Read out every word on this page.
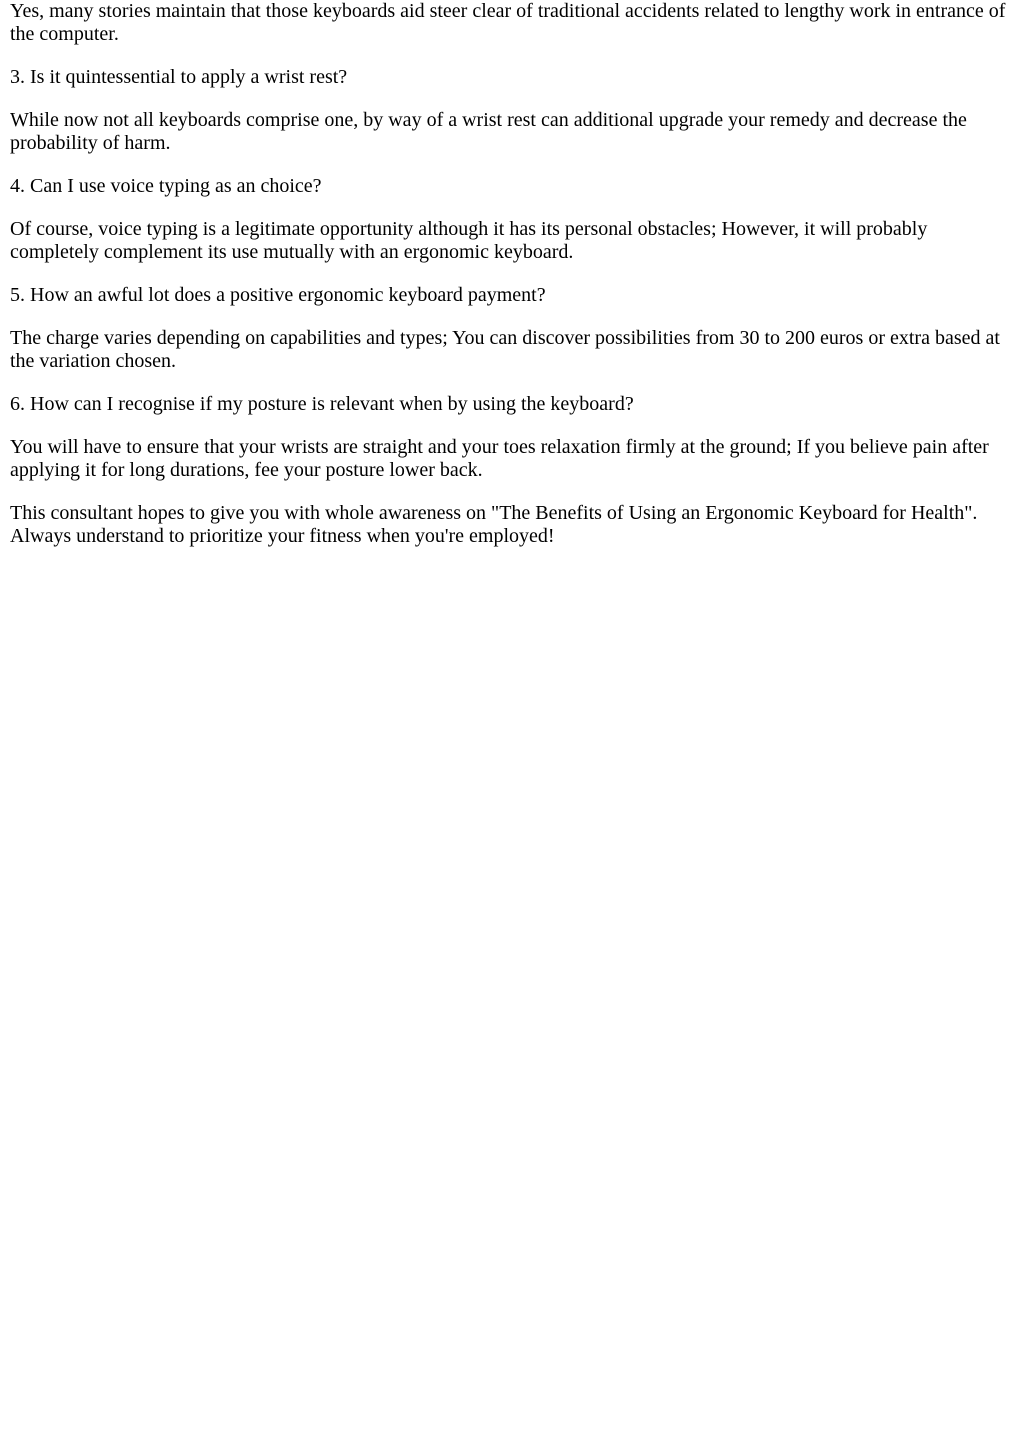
Yes, many stories maintain that those keyboards aid steer clear of traditional accidents related to lengthy work in entrance of the computer.

3. Is it quintessential to apply a wrist rest?

While now not all keyboards comprise one, by way of a wrist rest can additional upgrade your remedy and decrease the probability of harm.

4. Can I use voice typing as an choice?

Of course, voice typing is a legitimate opportunity although it has its personal obstacles; However, it will probably completely complement its use mutually with an ergonomic keyboard.

5. How an awful lot does a positive ergonomic keyboard payment?

The charge varies depending on capabilities and types; You can discover possibilities from 30 to 200 euros or extra based at the variation chosen.

6. How can I recognise if my posture is relevant when by using the keyboard?

You will have to ensure that your wrists are straight and your toes relaxation firmly at the ground; If you believe pain after applying it for long durations, fee your posture lower back.

This consultant hopes to give you with whole awareness on "The Benefits of Using an Ergonomic Keyboard for Health". Always understand to prioritize your fitness when you're employed!
